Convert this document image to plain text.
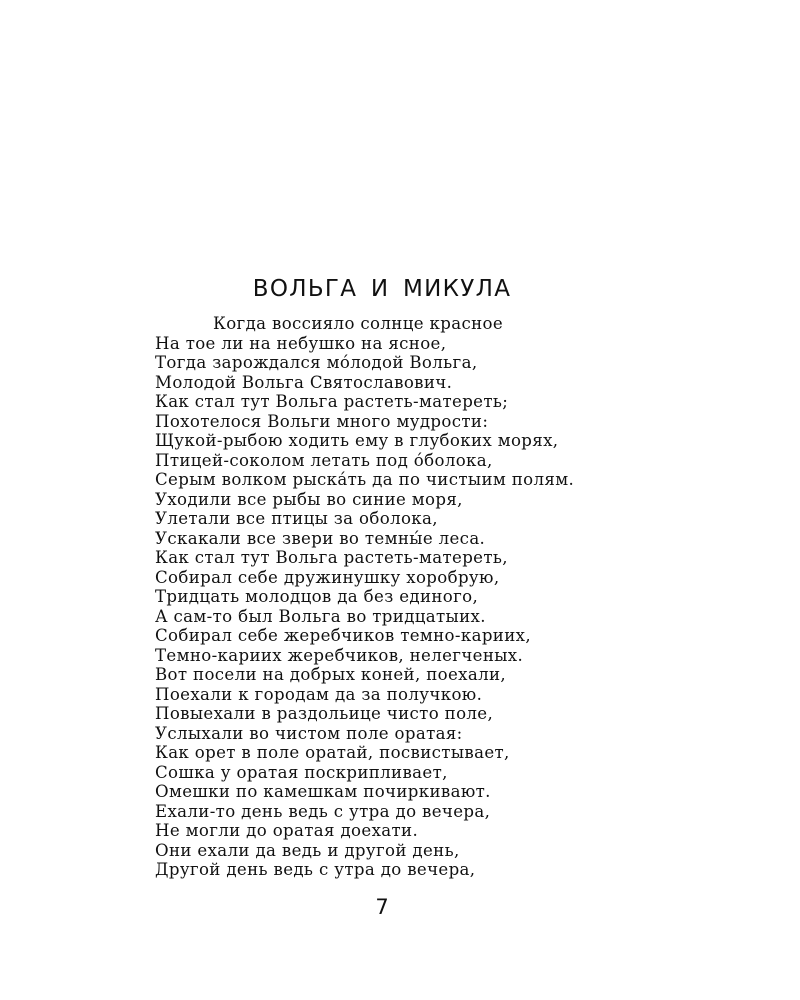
ВОЛЬГА И МИКУЛА
Когда воссияло солнце красное
На тое ли на небушко на ясное,
Тогда зарождался мо́лодой Вольга,
Молодой Вольга Святославович.
Как стал тут Вольга растеть-матереть;
Похотелося Вольги много мудрости:
Щукой-рыбою ходить ему в глубоких морях,
Птицей-соколом летать под о́болока,
Серым волком рыска́ть да по чистыим полям.
Уходили все рыбы во синие моря,
Улетали все птицы за оболока,
Ускакали все звери во темны́е леса.
Как стал тут Вольга растеть-матереть,
Собирал себе дружинушку хоробрую,
Тридцать молодцов да без единого,
А сам-то был Вольга во тридцатыих.
Собирал себе жеребчиков темно-кариих,
Темно-кариих жеребчиков, нелегченых.
Вот посели на добрых коней, поехали,
Поехали к городам да за получкою.
Повыехали в раздольице чисто поле,
Услыхали во чистом поле оратая:
Как орет в поле оратай, посвистывает,
Сошка у оратая поскрипливает,
Омешки по камешкам почиркивают.
Ехали-то день ведь с утра до вечера,
Не могли до оратая доехати.
Они ехали да ведь и другой день,
Другой день ведь с утра до вечера,
7
